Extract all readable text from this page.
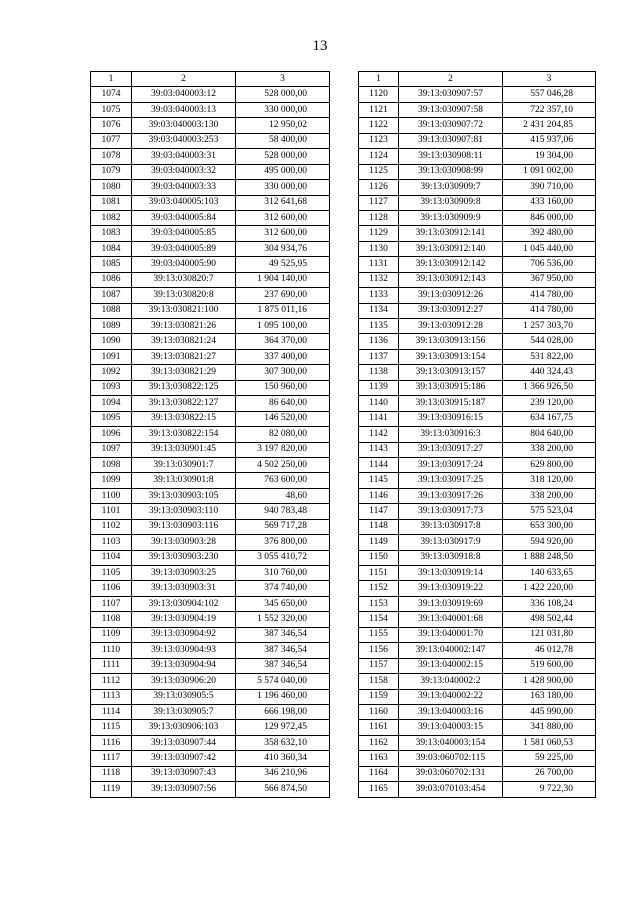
13
1	2	3
1074	39:03:040003:12	528 000,00
1075	39:03:040003:13	330 000,00
1076	39:03:040003:130	12 950,02
1077	39:03:040003:253	58 400,00
1078	39:03:040003:31	528 000,00
1079	39:03:040003:32	495 000,00
1080	39:03:040003:33	330 000,00
1081	39:03:040005:103	312 641,68
1082	39:03:040005:84	312 600,00
1083	39:03:040005:85	312 600,00
1084	39:03:040005:89	304 934,76
1085	39:03:040005:90	49 525,95
1086	39:13:030820:7	1 904 140,00
1087	39:13:030820:8	237 690,00
1088	39:13:030821:100	1 875 011,16
1089	39:13:030821:26	1 095 100,00
1090	39:13:030821:24	364 370,00
1091	39:13:030821:27	337 400,00
1092	39:13:030821:29	307 300,00
1093	39:13:030822:125	150 960,00
1094	39:13:030822:127	86 640,00
1095	39:13:030822:15	146 520,00
1096	39:13:030822:154	82 080,00
1097	39:13:030901:45	3 197 820,00
1098	39:13:030901:7	4 502 250,00
1099	39:13:030901:8	763 600,00
1100	39:13:030903:105	48,60
1101	39:13:030903:110	940 783,48
1102	39:13:030903:116	569 717,28
1103	39:13:030903:28	376 800,00
1104	39:13:030903:230	3 055 410,72
1105	39:13:030903:25	310 760,00
1106	39:13:030903:31	374 740,00
1107	39:13:030904:102	345 650,00
1108	39:13:030904:19	1 552 320,00
1109	39:13:030904:92	387 346,54
1110	39:13:030904:93	387 346,54
1111	39:13:030904:94	387 346,54
1112	39:13:030906:20	5 574 040,00
1113	39:13:030905:5	1 196 460,00
1114	39:13:030905:7	666 198,00
1115	39:13:030906:103	129 972,45
1116	39:13:030907:44	358 632,10
1117	39:13:030907:42	410 360,34
1118	39:13:030907:43	346 210,96
1119	39:13:030907:56	566 874,50
1	2	3
1120	39:13:030907:57	557 046,28
1121	39:13:030907:58	722 357,10
1122	39:13:030907:72	2 431 204,85
1123	39:13:030907:81	415 937,06
1124	39:13:030908:11	19 304,00
1125	39:13:030908:99	1 091 002,00
1126	39:13:030909:7	390 710,00
1127	39:13:030909:8	433 160,00
1128	39:13:030909:9	846 000,00
1129	39:13:030912:141	392 480,00
1130	39:13:030912:140	1 045 440,00
1131	39:13:030912:142	706 536,00
1132	39:13:030912:143	367 950,00
1133	39:13:030912:26	414 780,00
1134	39:13:030912:27	414 780,00
1135	39:13:030912:28	1 257 303,70
1136	39:13:030913:156	544 028,00
1137	39:13:030913:154	531 822,00
1138	39:13:030913:157	440 324,43
1139	39:13:030915:186	1 366 926,50
1140	39:13:030915:187	239 120,00
1141	39:13:030916:15	634 167,75
1142	39:13:030916:3	804 640,00
1143	39:13:030917:27	338 200,00
1144	39:13:030917:24	629 800,00
1145	39:13:030917:25	318 120,00
1146	39:13:030917:26	338 200,00
1147	39:13:030917:73	575 523,04
1148	39:13:030917:8	653 300,00
1149	39:13:030917:9	594 920,00
1150	39:13:030918:8	1 888 248,50
1151	39:13:030919:14	140 633,65
1152	39:13:030919:22	1 422 220,00
1153	39:13:030919:69	336 108,24
1154	39:13:040001:68	498 502,44
1155	39:13:040001:70	121 031,80
1156	39:13:040002:147	46 012,78
1157	39:13:040002:15	519 600,00
1158	39:13:040002:2	1 428 900,00
1159	39:13:040002:22	163 180,00
1160	39:13:040003:16	445 990,00
1161	39:13:040003:15	341 880,00
1162	39:13:040003:154	1 581 060,53
1163	39:03:060702:115	59 225,00
1164	39:03:060702:131	26 700,00
1165	39:03:070103:454	9 722,30
